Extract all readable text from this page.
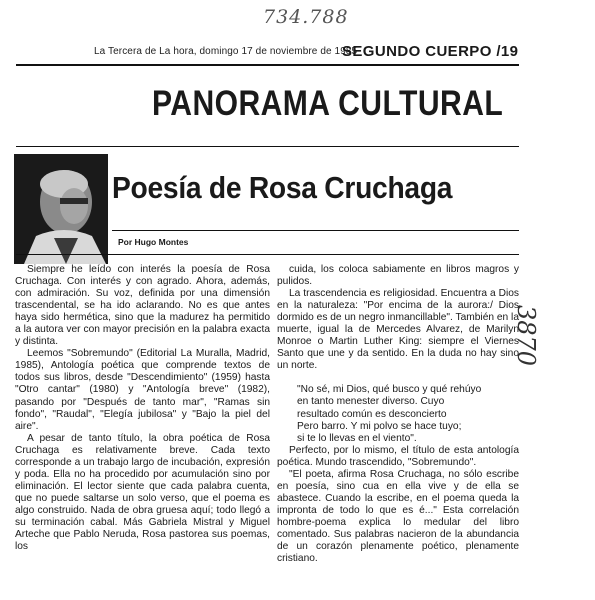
734.788
La Tercera de La hora, domingo 17 de noviembre de 1985
SEGUNDO CUERPO /19
PANORAMA CULTURAL
Poesía de Rosa Cruchaga
Por Hugo Montes

Siempre he leído con interés la poesía de Rosa Cruchaga. Con interés y con agrado. Ahora, además, con admiración. Su voz, definida por una dimensión trascendental, se ha ido aclarando. No es que antes haya sido hermética, sino que la madurez ha permitido a la autora ver con mayor precisión en la palabra exacta y distinta.

Leemos "Sobremundo" (Editorial La Muralla, Madrid, 1985), Antología poética que comprende textos de todos sus libros, desde "Descendimiento" (1959) hasta "Otro cantar" (1980) y "Antología breve" (1982), pasando por "Después de tanto mar", "Ramas sin fondo", "Raudal", "Elegía jubilosa" y "Bajo la piel del aire".

A pesar de tanto título, la obra poética de Rosa Cruchaga es relativamente breve. Cada texto corresponde a un trabajo largo de incubación, expresión y poda. Ella no ha procedido por acumulación sino por eliminación. El lector siente que cada palabra cuenta, que no puede saltarse un solo verso, que el poema es algo construido. Nada de obra gruesa aquí; todo llegó a su terminación cabal. Más Gabriela Mistral y Miguel Arteche que Pablo Neruda, Rosa pastorea sus poemas, los

cuida, los coloca sabiamente en libros magros y pulidos.

La trascendencia es religiosidad. Encuentra a Dios en la naturaleza: "Por encima de la aurora:/ Dios dormido es de un negro inmancillable". También en la muerte, igual la de Mercedes Alvarez, de Marilyn Monroe o Martin Luther King: siempre el Viernes Santo que une y da sentido. En la duda no hay sino un norte.

"No sé, mi Dios, qué busco y qué rehúyo

en tanto menester diverso. Cuyo

resultado común es desconcierto

Pero barro. Y mi polvo se hace tuyo;

si te lo llevas en el viento".

Perfecto, por lo mismo, el título de esta antología poética. Mundo trascendido, "Sobremundo".

"El poeta, afirma Rosa Cruchaga, no sólo escribe en poesía, sino cua en ella vive y de ella se abastece. Cuando la escribe, en el poema queda la impronta de todo lo que es é..." Esta correlación hombre-poema explica lo medular del libro comentado. Sus palabras nacieron de la abundancia de un corazón plenamente poético, plenamente cristiano.

3870
